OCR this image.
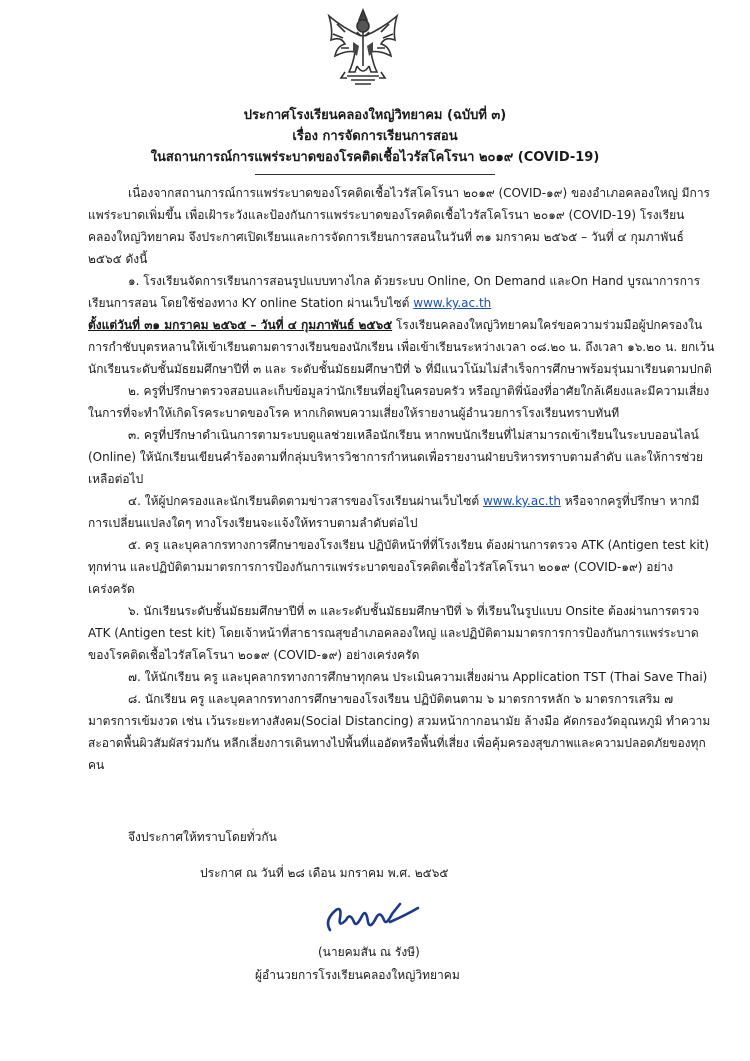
ประกาศโรงเรียนคลองใหญ่วิทยาคม (ฉบับที่ ๓)
เรื่อง การจัดการเรียนการสอน
ในสถานการณ์การแพร่ระบาดของโรคติดเชื้อไวรัสโคโรนา ๒๐๑๙ (COVID-19)

เนื่องจากสถานการณ์การแพร่ระบาดของโรคติดเชื้อไวรัสโคโรนา ๒๐๑๙ (COVID-๑๙) ของอำเภอคลองใหญ่ มีการแพร่ระบาดเพิ่มขึ้น เพื่อเฝ้าระวังและป้องกันการแพร่ระบาดของโรคติดเชื้อไวรัสโคโรนา ๒๐๑๙ (COVID-19) โรงเรียนคลองใหญ่วิทยาคม จึงประกาศเปิดเรียนและการจัดการเรียนการสอนในวันที่ ๓๑ มกราคม ๒๕๖๕ – วันที่ ๔ กุมภาพันธ์ ๒๕๖๕ ดังนี้

๑. โรงเรียนจัดการเรียนการสอนรูปแบบทางไกล ด้วยระบบ Online, On Demand และOn Hand บูรณาการการเรียนการสอน โดยใช้ช่องทาง KY online Station ผ่านเว็บไซต์ www.ky.ac.th

ตั้งแต่วันที่ ๓๑ มกราคม ๒๕๖๕ – วันที่ ๔ กุมภาพันธ์ ๒๕๖๕ โรงเรียนคลองใหญ่วิทยาคมใคร่ขอความร่วมมือผู้ปกครองในการกำชับบุตรหลานให้เข้าเรียนตามตารางเรียนของนักเรียน เพื่อเข้าเรียนระหว่างเวลา ๐๘.๒๐ น. ถึงเวลา ๑๖.๒๐ น. ยกเว้นนักเรียนระดับชั้นมัธยมศึกษาปีที่ ๓ และ ระดับชั้นมัธยมศึกษาปีที่ ๖ ที่มีแนวโน้มไม่สำเร็จการศึกษาพร้อมรุ่นมาเรียนตามปกติ

๒. ครูที่ปรึกษาตรวจสอบและเก็บข้อมูลว่านักเรียนที่อยู่ในครอบครัว หรือญาติพี่น้องที่อาศัยใกล้เคียงและมีความเสี่ยงในการที่จะทำให้เกิดโรคระบาดของโรค หากเกิดพบความเสี่ยงให้รายงานผู้อำนวยการโรงเรียนทราบทันที

๓. ครูที่ปรึกษาดำเนินการตามระบบดูแลช่วยเหลือนักเรียน หากพบนักเรียนที่ไม่สามารถเข้าเรียนในระบบออนไลน์ (Online) ให้นักเรียนเขียนคำร้องตามที่กลุ่มบริหารวิชาการกำหนดเพื่อรายงานฝ่ายบริหารทราบตามลำดับ และให้การช่วยเหลือต่อไป

๔. ให้ผู้ปกครองและนักเรียนติดตามข่าวสารของโรงเรียนผ่านเว็บไซต์ www.ky.ac.th หรือจากครูที่ปรึกษา หากมีการเปลี่ยนแปลงใดๆ ทางโรงเรียนจะแจ้งให้ทราบตามลำดับต่อไป

๕. ครู และบุคลากรทางการศึกษาของโรงเรียน ปฏิบัติหน้าที่ที่โรงเรียน ต้องผ่านการตรวจ ATK (Antigen test kit) ทุกท่าน และปฏิบัติตามมาตรการการป้องกันการแพร่ระบาดของโรคติดเชื้อไวรัสโคโรนา ๒๐๑๙ (COVID-๑๙) อย่างเคร่งครัด

๖. นักเรียนระดับชั้นมัธยมศึกษาปีที่ ๓ และระดับชั้นมัธยมศึกษาปีที่ ๖ ที่เรียนในรูปแบบ Onsite ต้องผ่านการตรวจ ATK (Antigen test kit) โดยเจ้าหน้าที่สาธารณสุขอำเภอคลองใหญ่ และปฏิบัติตามมาตรการการป้องกันการแพร่ระบาดของโรคติดเชื้อไวรัสโคโรนา ๒๐๑๙ (COVID-๑๙) อย่างเคร่งครัด

๗. ให้นักเรียน ครู และบุคลากรทางการศึกษาทุกคน ประเมินความเสี่ยงผ่าน Application TST (Thai Save Thai)

๘. นักเรียน ครู และบุคลากรทางการศึกษาของโรงเรียน ปฏิบัติตนตาม ๖ มาตรการหลัก ๖ มาตรการเสริม ๗ มาตรการเข้มงวด เช่น เว้นระยะทางสังคม(Social Distancing) สวมหน้ากากอนามัย ล้างมือ คัดกรองวัดอุณหภูมิ ทำความสะอาดพื้นผิวสัมผัสร่วมกัน หลีกเลี่ยงการเดินทางไปพื้นที่แออัดหรือพื้นที่เสี่ยง เพื่อคุ้มครองสุขภาพและความปลอดภัยของทุกคน

จึงประกาศให้ทราบโดยทั่วกัน
ประกาศ ณ วันที่ ๒๘ เดือน มกราคม พ.ศ. ๒๕๖๕
(นายคมสัน ณ รังษี)
ผู้อำนวยการโรงเรียนคลองใหญ่วิทยาคม
